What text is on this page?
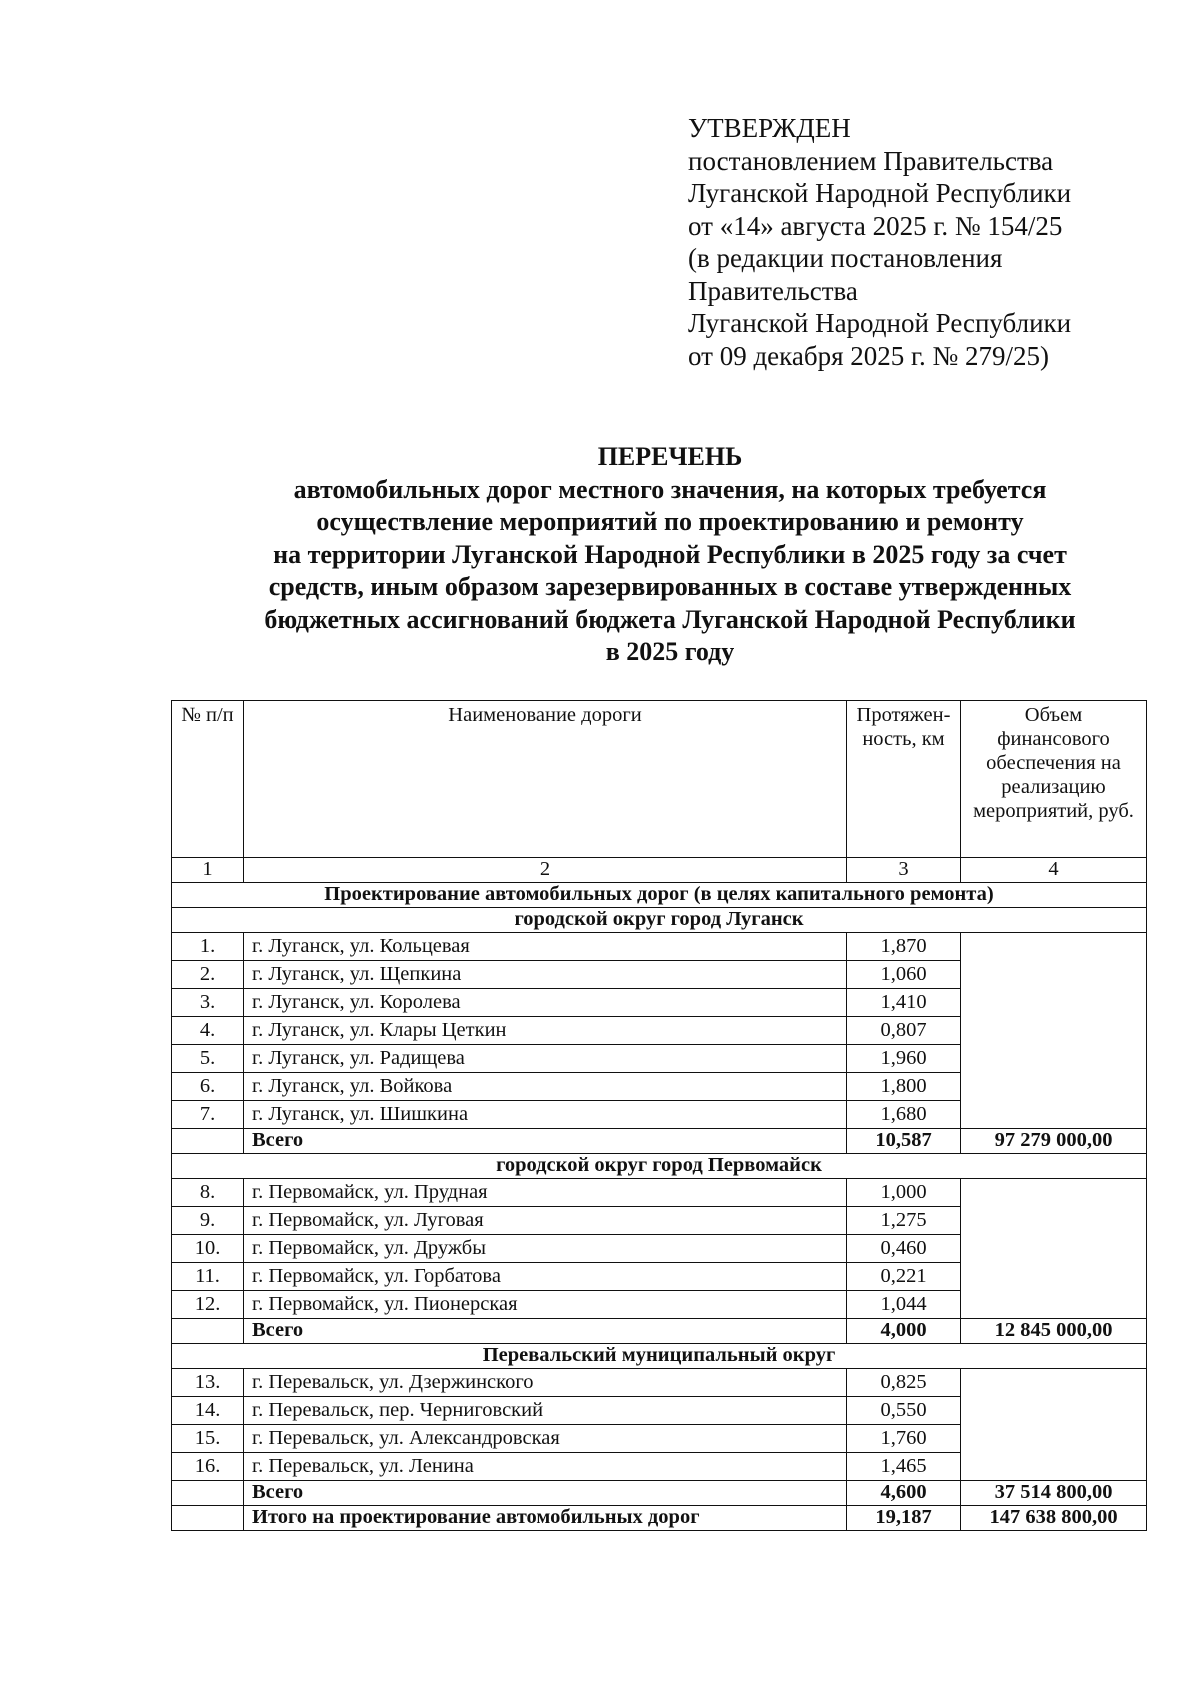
УТВЕРЖДЕН
постановлением Правительства
Луганской Народной Республики
от «14» августа 2025 г. № 154/25
(в редакции постановления
Правительства
Луганской Народной Республики
от 09 декабря 2025 г. № 279/25)
ПЕРЕЧЕНЬ
автомобильных дорог местного значения, на которых требуется
осуществление мероприятий по проектированию и ремонту
на территории Луганской Народной Республики в 2025 году за счет
средств, иным образом зарезервированных в составе утвержденных
бюджетных ассигнований бюджета Луганской Народной Республики
в 2025 году
№ п/п	Наименование дороги	Протяжен-ность, км	Объем финансового обеспечения на реализацию мероприятий, руб.
1	2	3	4
Проектирование автомобильных дорог (в целях капитального ремонта)			
городской округ город Луганск			
1.	г. Луганск, ул. Кольцевая	1,870	
2.	г. Луганск, ул. Щепкина	1,060	
3.	г. Луганск, ул. Королева	1,410	
4.	г. Луганск, ул. Клары Цеткин	0,807	
5.	г. Луганск, ул. Радищева	1,960	
6.	г. Луганск, ул. Войкова	1,800	
7.	г. Луганск, ул. Шишкина	1,680	
	Всего	10,587	97 279 000,00
городской округ город Первомайск			
8.	г. Первомайск, ул. Прудная	1,000	
9.	г. Первомайск, ул. Луговая	1,275	
10.	г. Первомайск, ул. Дружбы	0,460	
11.	г. Первомайск, ул. Горбатова	0,221	
12.	г. Первомайск, ул. Пионерская	1,044	
	Всего	4,000	12 845 000,00
Перевальский муниципальный округ			
13.	г. Перевальск, ул. Дзержинского	0,825	
14.	г. Перевальск, пер. Черниговский	0,550	
15.	г. Перевальск, ул. Александровская	1,760	
16.	г. Перевальск, ул. Ленина	1,465	
	Всего	4,600	37 514 800,00
	Итого на проектирование автомобильных дорог	19,187	147 638 800,00
